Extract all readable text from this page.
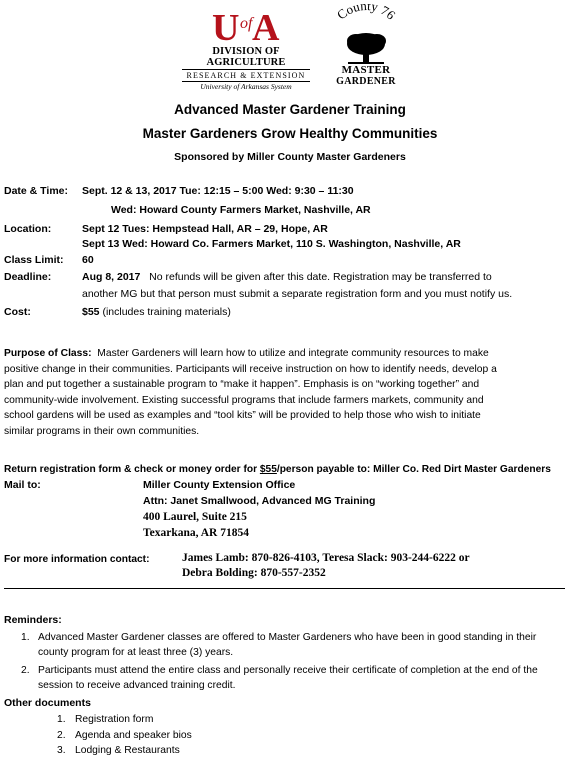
U of A
DIVISION OF AGRICULTURE
RESEARCH & EXTENSION
University of Arkansas System
County 76
MASTER
GARDENER
Advanced Master Gardener Training
Master Gardeners Grow Healthy Communities
Sponsored by Miller County Master Gardeners
Date & Time: Sept. 12 & 13, 2017 Tue: 12:15 – 5:00 Wed: 9:30 – 11:30
Wed: Howard County Farmers Market, Nashville, AR
Location:	Sept 12 Tues: Hempstead Hall, AR – 29, Hope, AR
Sept 13 Wed: Howard Co. Farmers Market, 110 S. Washington, Nashville, AR
Class Limit: 60
Deadline:	Aug 8, 2017 No refunds will be given after this date. Registration may be transferred to
another MG but that person must submit a separate registration form and you must notify us.
Cost:	$55 (includes training materials)
Purpose of Class: Master Gardeners will learn how to utilize and integrate community resources to make
positive change in their communities. Participants will receive instruction on how to identify needs, develop a
plan and put together a sustainable program to “make it happen”. Emphasis is on “working together” and
community-wide involvement. Existing successful programs that include farmers markets, community and
school gardens will be used as examples and “tool kits” will be provided to help those who wish to initiate
similar programs in their own communities.
Return registration form & check or money order for $55/person payable to: Miller Co. Red Dirt Master Gardeners
Mail to:	Miller County Extension Office
Attn: Janet Smallwood, Advanced MG Training
400 Laurel, Suite 215
Texarkana, AR 71854
For more information contact:	James Lamb: 870-826-4103, Teresa Slack: 903-244-6222 or
Debra Bolding: 870-557-2352
Reminders:
1. Advanced Master Gardener classes are offered to Master Gardeners who have been in good standing in their
county program for at least three (3) years.
2. Participants must attend the entire class and personally receive their certificate of completion at the end of the
session to receive advanced training credit.
Other documents
1. Registration form
2. Agenda and speaker bios
3. Lodging & Restaurants
